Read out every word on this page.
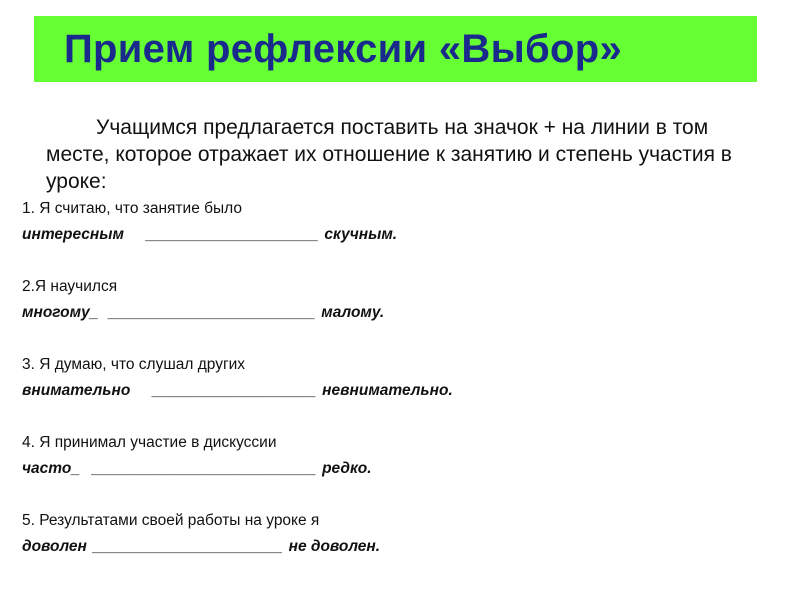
Прием рефлексии «Выбор»
Учащимся предлагается поставить на значок + на линии в том месте, которое отражает их отношение к занятию и степень участия в уроке:
1. Я считаю, что занятие было
интересным ____________________ скучным.
2.Я научился
многому_ ________________________ малому.
3. Я думаю, что слушал других
внимательно ___________________ невнимательно.
4. Я принимал участие в дискуссии
часто_ __________________________ редко.
5. Результатами своей работы на уроке я
доволен ______________________ не доволен.
